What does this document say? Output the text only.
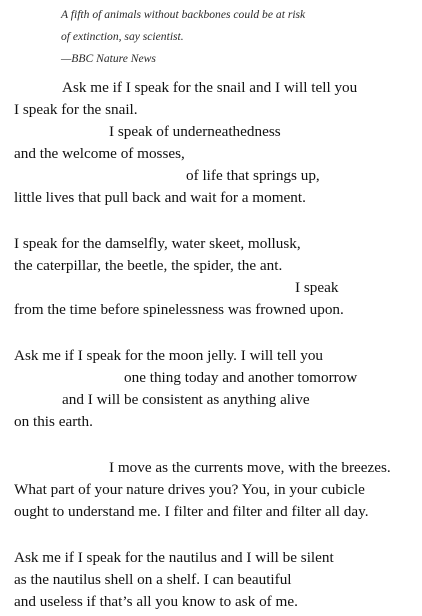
A fifth of animals without backbones could be at risk
of extinction, say scientist.
—BBC Nature News
Ask me if I speak for the snail and I will tell you
I speak for the snail.
I speak of underneathedness
and the welcome of mosses,
of life that springs up,
little lives that pull back and wait for a moment.
I speak for the damselfly, water skeet, mollusk,
the caterpillar, the beetle, the spider, the ant.
I speak
from the time before spinelessness was frowned upon.
Ask me if I speak for the moon jelly. I will tell you
one thing today and another tomorrow
and I will be consistent as anything alive
on this earth.
I move as the currents move, with the breezes.
What part of your nature drives you? You, in your cubicle
ought to understand me. I filter and filter and filter all day.
Ask me if I speak for the nautilus and I will be silent
as the nautilus shell on a shelf. I can beautiful
and useless if that’s all you know to ask of me.
